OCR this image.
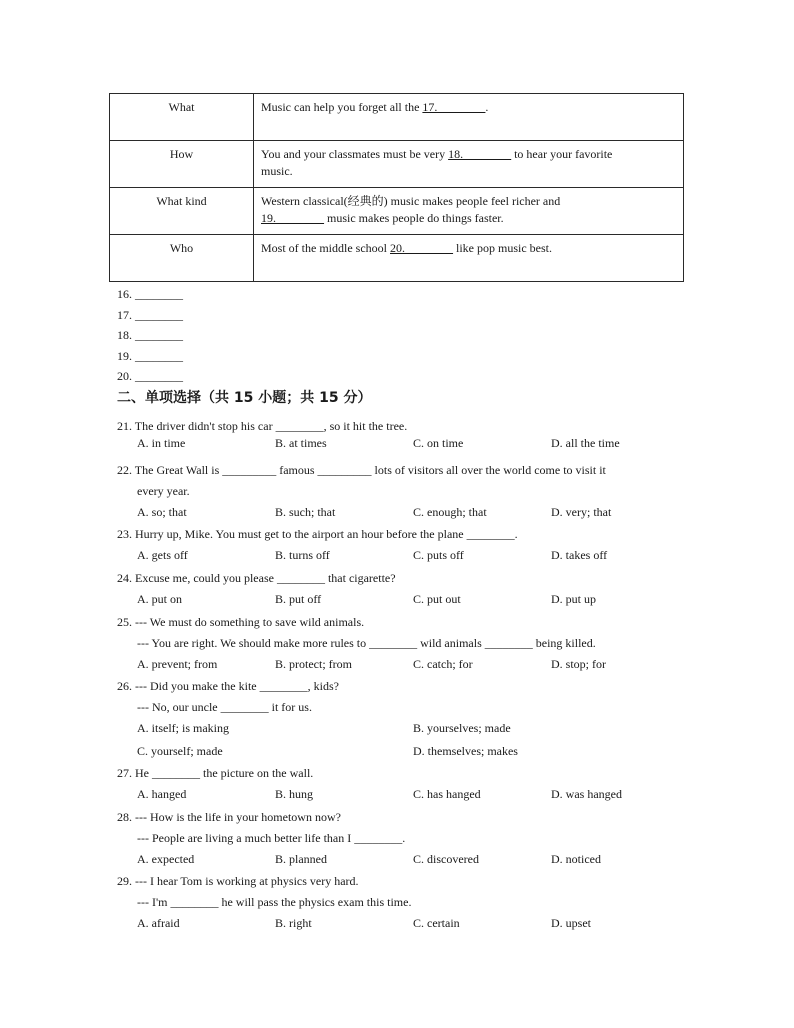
What	Music can help you forget all the 17.________.
How	You and your classmates must be very 18.________ to hear your favorite
music.
What kind	Western classical(经典的) music makes people feel richer and
19.________ music makes people do things faster.
Who	Most of the middle school 20.________ like pop music best.
16. ________
17. ________
18. ________
19. ________
20. ________
二、单项选择（共 15 小题；共 15 分）
21. The driver didn't stop his car ________, so it hit the tree.
A. in time	B. at times	C. on time	D. all the time
22. The Great Wall is _________ famous _________ lots of visitors all over the world come to visit it
every year.
A. so; that	B. such; that	C. enough; that	D. very; that
23. Hurry up, Mike. You must get to the airport an hour before the plane ________.
A. gets off	B. turns off	C. puts off	D. takes off
24. Excuse me, could you please ________ that cigarette?
A. put on	B. put off	C. put out	D. put up
25. --- We must do something to save wild animals.
--- You are right. We should make more rules to ________ wild animals ________ being killed.
A. prevent; from	B. protect; from	C. catch; for	D. stop; for
26. --- Did you make the kite ________, kids?
--- No, our uncle ________ it for us.
A. itself; is making	B. yourselves; made
C. yourself; made	D. themselves; makes
27. He ________ the picture on the wall.
A. hanged	B. hung	C. has hanged	D. was hanged
28. --- How is the life in your hometown now?
--- People are living a much better life than I ________.
A. expected	B. planned	C. discovered	D. noticed
29. --- I hear Tom is working at physics very hard.
--- I'm ________ he will pass the physics exam this time.
A. afraid	B. right	C. certain	D. upset
